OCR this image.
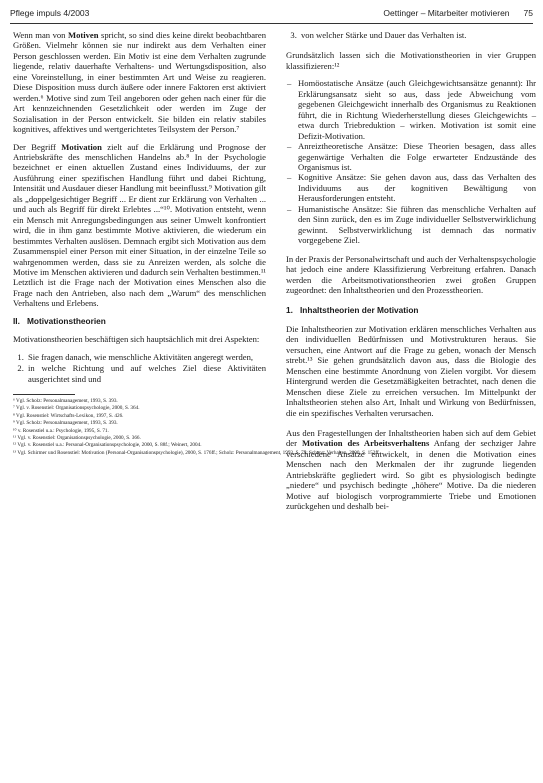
Pflege impuls 4/2003	Oettinger – Mitarbeiter motivieren 75

Wenn man von Motiven spricht, so sind dies keine direkt beobachtbaren Größen. Vielmehr können sie nur indirekt aus dem Verhalten einer Person geschlossen werden. Ein Motiv ist eine dem Verhalten zugrunde liegende, relativ dauerhafte Verhaltens- und Wertungsdisposition, also eine Voreinstellung, in einer bestimmten Art und Weise zu reagieren. Diese Disposition muss durch äußere oder innere Faktoren erst aktiviert werden.⁶ Motive sind zum Teil angeboren oder gehen nach einer für die Art kennzeichnenden Gesetzlichkeit oder werden im Zuge der Sozialisation in der Person entwickelt. Sie bilden ein relativ stabiles kognitives, affektives und wertgerichtetes Teilsystem der Person.⁷

Der Begriff Motivation zielt auf die Erklärung und Prognose der Antriebskräfte des menschlichen Handelns ab.⁸ In der Psychologie bezeichnet er einen aktuellen Zustand eines Individuums, der zur Ausführung einer spezifischen Handlung führt und dabei Richtung, Intensität und Ausdauer dieser Handlung mit beeinflusst.⁹ Motivation gilt als „doppelgesichtiger Begriff ... Er dient zur Erklärung von Verhalten ... und auch als Begriff für direkt Erlebtes ...“¹⁰. Motivation entsteht, wenn ein Mensch mit Anregungsbedingungen aus seiner Umwelt konfrontiert wird, die in ihm ganz bestimmte Motive aktivieren, die wiederum ein bestimmtes Verhalten auslösen. Demnach ergibt sich Motivation aus dem Zusammenspiel einer Person mit einer Situation, in der einzelne Teile so wahrgenommen werden, dass sie zu Anreizen werden, als solche die Motive im Menschen aktivieren und dadurch sein Verhalten bestimmen.¹¹ Letztlich ist die Frage nach der Motivation eines Menschen also die Frage nach den Antrieben, also nach dem „Warum“ des menschlichen Verhaltens und Erlebens.

II. Motivationstheorien

Motivationstheorien beschäftigen sich hauptsächlich mit drei Aspekten:

1. Sie fragen danach, wie menschliche Aktivitäten angeregt werden,
2. in welche Richtung und auf welches Ziel diese Aktivitäten ausgerichtet sind und
⁶ Vgl. Scholz: Personalmanagement, 1993, S. 393.
⁷ Vgl. v. Rosenstiel: Organisationspsychologie, 2000, S. 364.
⁸ Vgl. Rosenstiel: Wirtschafts-Lexikon, 1997, S. 426.
⁹ Vgl. Scholz: Personalmanagement, 1993, S. 393.
¹⁰ v. Rosenstiel u.a.: Psychologie, 1995, S. 71.
¹¹ Vgl. v. Rosenstiel: Organisationspsychologie, 2000, S. 366.
¹² Vgl. v. Rosenstiel u.a.: Personal-Organisationspsychologie, 2000, S. 88f.; Weinert, 2004.
¹³ Vgl. Schirmer und Rosenstiel: Motivation (Personal-Organisationspsychologie), 2000, S. 176ff.; Scholz: Personalmanagement, 1993, S. 75; Schanz: Verhalten, 2000, S. 152ff.
3. von welcher Stärke und Dauer das Verhalten ist.

Grundsätzlich lassen sich die Motivationstheorien in vier Gruppen klassifizieren:¹²

– Homöostatische Ansätze (auch Gleichgewichtsansätze genannt): Ihr Erklärungsansatz sieht so aus, dass jede Abweichung vom gegebenen Gleichgewicht innerhalb des Organismus zu Reaktionen führt, die in Richtung Wiederherstellung dieses Gleichgewichts – etwa durch Triebreduktion – wirken. Motivation ist somit eine Defizit-Motivation.
– Anreiztheoretische Ansätze: Diese Theorien besagen, dass alles gegenwärtige Verhalten die Folge erwarteter Endzustände des Organismus ist.
– Kognitive Ansätze: Sie gehen davon aus, dass das Verhalten des Individuums aus der kognitiven Bewältigung von Herausforderungen entsteht.
– Humanistische Ansätze: Sie führen das menschliche Verhalten auf den Sinn zurück, den es im Zuge individueller Selbstverwirklichung gewinnt. Selbstverwirklichung ist demnach das normativ vorgegebene Ziel.

In der Praxis der Personalwirtschaft und auch der Verhaltenspsychologie hat jedoch eine andere Klassifizierung Verbreitung erfahren. Danach werden die Arbeitsmotivationstheorien zwei großen Gruppen zugeordnet: den Inhaltstheorien und den Prozesstheorien.

1. Inhaltstheorien der Motivation

Die Inhaltstheorien zur Motivation erklären menschliches Verhalten aus den individuellen Bedürfnissen und Motivstrukturen heraus. Sie versuchen, eine Antwort auf die Frage zu geben, wonach der Mensch strebt.¹³ Sie gehen grundsätzlich davon aus, dass die Biologie des Menschen eine bestimmte Anordnung von Zielen vorgibt. Vor diesem Hintergrund werden die Gesetzmäßigkeiten betrachtet, nach denen die Menschen diese Ziele zu erreichen versuchen. Im Mittelpunkt der Inhaltstheorien stehen also Art, Inhalt und Wirkung von Bedürfnissen, die ein spezifisches Verhalten verursachen.

Aus den Fragestellungen der Inhaltstheorien haben sich auf dem Gebiet der Motivation des Arbeitsverhaltens Anfang der sechziger Jahre verschiedene Ansätze entwickelt, in denen die Motivation eines Menschen nach den Merkmalen der ihr zugrunde liegenden Antriebskräfte gegliedert wird. So gibt es physiologisch bedingte „niedere“ und psychisch bedingte „höhere“ Motive. Da die niederen Motive auf biologisch vorprogrammierte Triebe und Emotionen zurückgehen und deshalb bei-
